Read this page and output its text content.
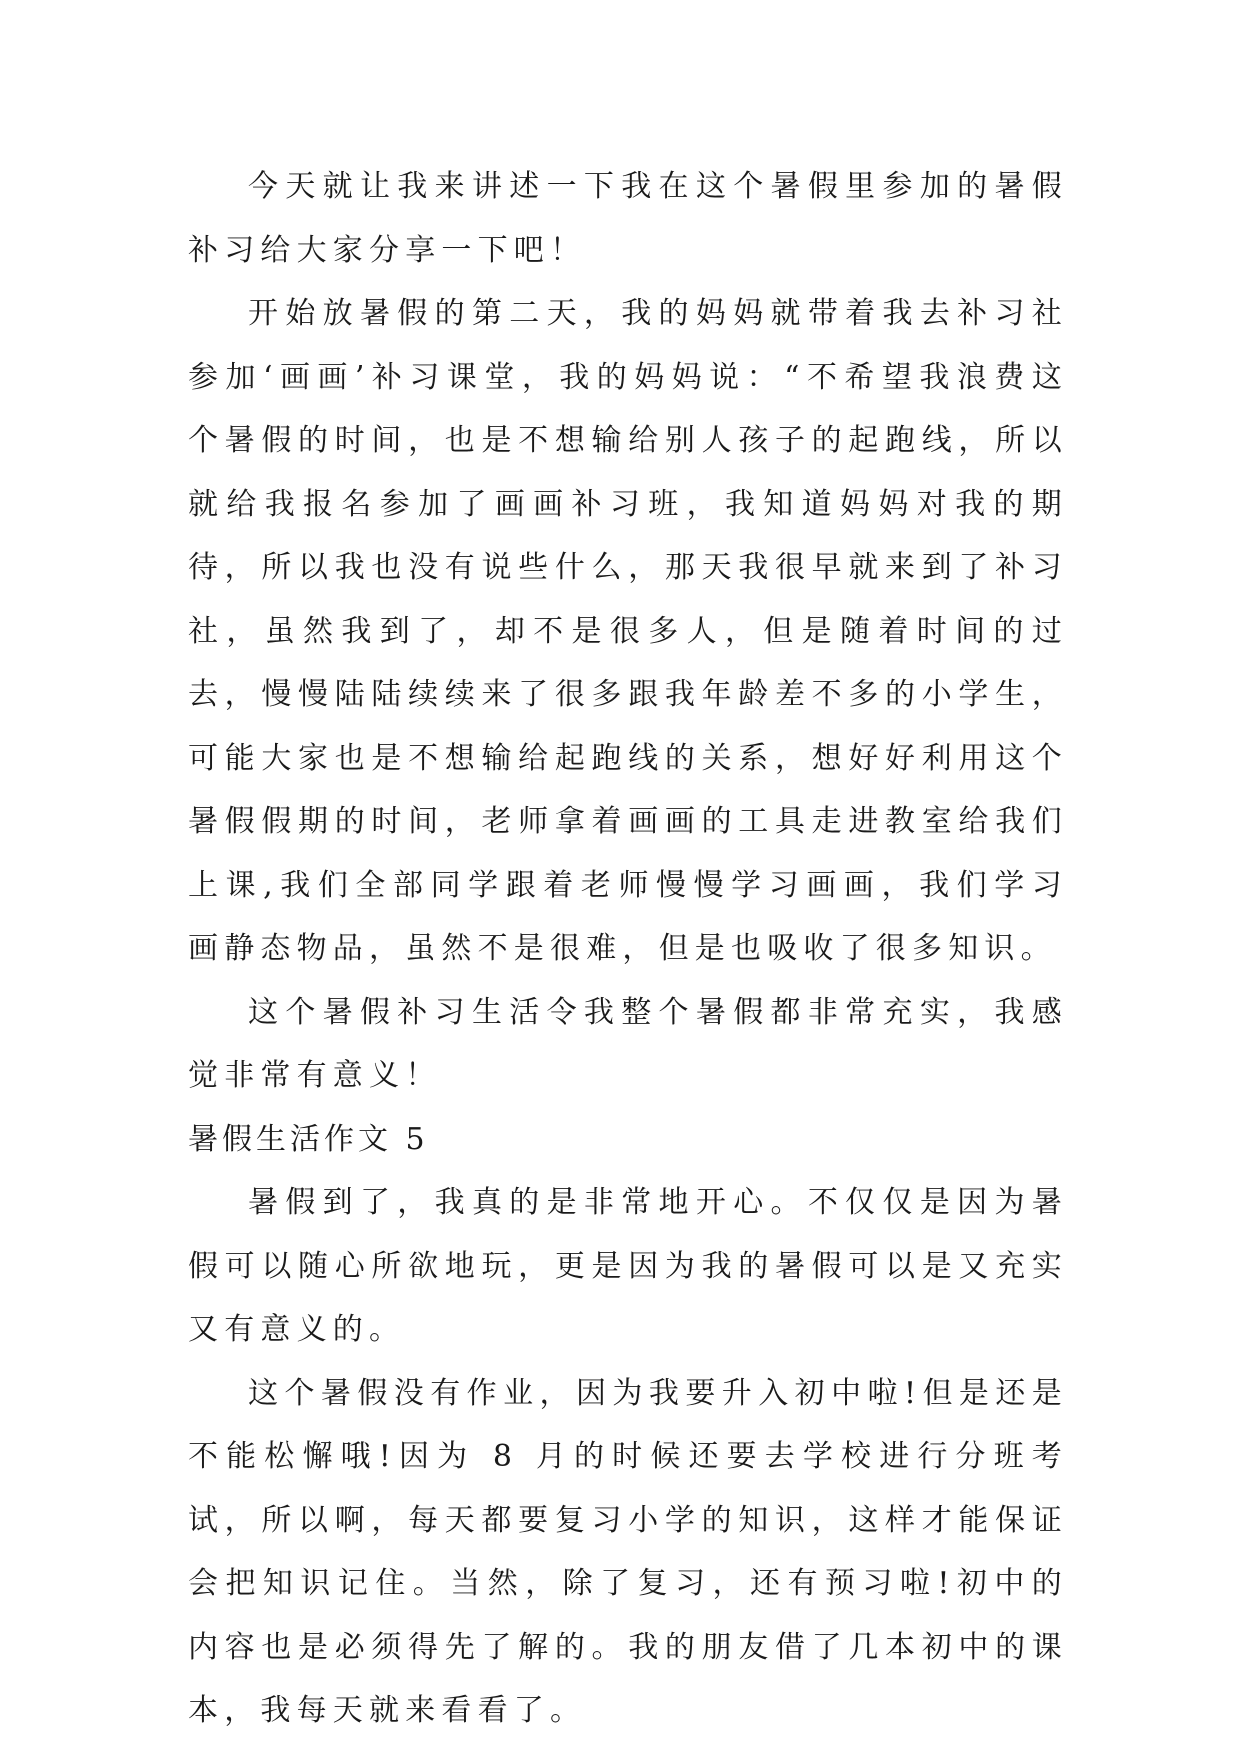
今天就让我来讲述一下我在这个暑假里参加的暑假补习给大家分享一下吧！

开始放暑假的第二天，我的妈妈就带着我去补习社参加‘画画’补习课堂，我的妈妈说：“不希望我浪费这个暑假的时间，也是不想输给别人孩子的起跑线，所以就给我报名参加了画画补习班，我知道妈妈对我的期待，所以我也没有说些什么，那天我很早就来到了补习社，虽然我到了，却不是很多人，但是随着时间的过去，慢慢陆陆续续来了很多跟我年龄差不多的小学生，可能大家也是不想输给起跑线的关系，想好好利用这个暑假假期的时间，老师拿着画画的工具走进教室给我们上课,我们全部同学跟着老师慢慢学习画画，我们学习画静态物品，虽然不是很难，但是也吸收了很多知识。

这个暑假补习生活令我整个暑假都非常充实，我感觉非常有意义！

暑假生活作文 5

暑假到了，我真的是非常地开心。不仅仅是因为暑假可以随心所欲地玩，更是因为我的暑假可以是又充实又有意义的。

这个暑假没有作业，因为我要升入初中啦!但是还是不能松懈哦!因为 8 月的时候还要去学校进行分班考试，所以啊，每天都要复习小学的知识，这样才能保证会把知识记住。当然，除了复习，还有预习啦!初中的内容也是必须得先了解的。我的朋友借了几本初中的课本，我每天就来看看了。
